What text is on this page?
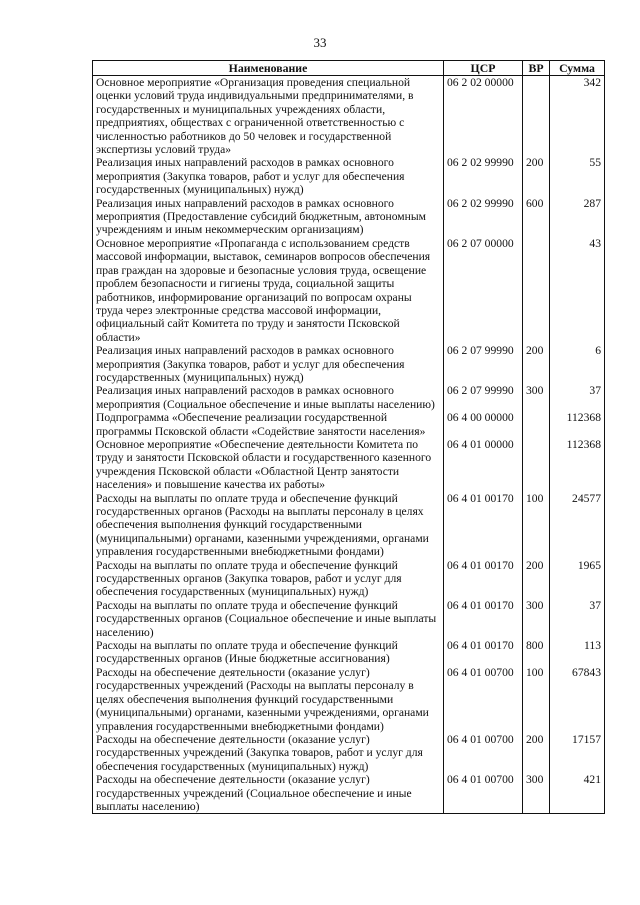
33
Наименование	ЦСР	ВР	Сумма
Основное мероприятие «Организация проведения специальной оценки условий труда индивидуальными предпринимателями, в государственных и муниципальных учреждениях области, предприятиях, обществах с ограниченной ответственностью с численностью работников до 50 человек и государственной экспертизы условий труда»	06 2 02 00000		342
Реализация иных направлений расходов в рамках основного мероприятия (Закупка товаров, работ и услуг для обеспечения государственных (муниципальных) нужд)	06 2 02 99990	200	55
Реализация иных направлений расходов в рамках основного мероприятия (Предоставление субсидий бюджетным, автономным учреждениям и иным некоммерческим организациям)	06 2 02 99990	600	287
Основное мероприятие «Пропаганда с использованием средств массовой информации, выставок, семинаров вопросов обеспечения прав граждан на здоровые и безопасные условия труда, освещение проблем безопасности и гигиены труда, социальной защиты работников, информирование организаций по вопросам охраны труда через электронные средства массовой информации, официальный сайт Комитета по труду и занятости Псковской области»	06 2 07 00000		43
Реализация иных направлений расходов в рамках основного мероприятия (Закупка товаров, работ и услуг для обеспечения государственных (муниципальных) нужд)	06 2 07 99990	200	6
Реализация иных направлений расходов в рамках основного мероприятия (Социальное обеспечение и иные выплаты населению)	06 2 07 99990	300	37
Подпрограмма «Обеспечение реализации государственной программы Псковской области «Содействие занятости населения»	06 4 00 00000		112368
Основное мероприятие «Обеспечение деятельности Комитета по труду и занятости Псковской области и государственного казенного учреждения Псковской области «Областной Центр занятости населения» и повышение качества их работы»	06 4 01 00000		112368
Расходы на выплаты по оплате труда и обеспечение функций государственных органов (Расходы на выплаты персоналу в целях обеспечения выполнения функций государственными (муниципальными) органами, казенными учреждениями, органами управления государственными внебюджетными фондами)	06 4 01 00170	100	24577
Расходы на выплаты по оплате труда и обеспечение функций государственных органов (Закупка товаров, работ и услуг для обеспечения государственных (муниципальных) нужд)	06 4 01 00170	200	1965
Расходы на выплаты по оплате труда и обеспечение функций государственных органов (Социальное обеспечение и иные выплаты населению)	06 4 01 00170	300	37
Расходы на выплаты по оплате труда и обеспечение функций государственных органов (Иные бюджетные ассигнования)	06 4 01 00170	800	113
Расходы на обеспечение деятельности (оказание услуг) государственных учреждений (Расходы на выплаты персоналу в целях обеспечения выполнения функций государственными (муниципальными) органами, казенными учреждениями, органами управления государственными внебюджетными фондами)	06 4 01 00700	100	67843
Расходы на обеспечение деятельности (оказание услуг) государственных учреждений (Закупка товаров, работ и услуг для обеспечения государственных (муниципальных) нужд)	06 4 01 00700	200	17157
Расходы на обеспечение деятельности (оказание услуг) государственных учреждений (Социальное обеспечение и иные выплаты населению)	06 4 01 00700	300	421
